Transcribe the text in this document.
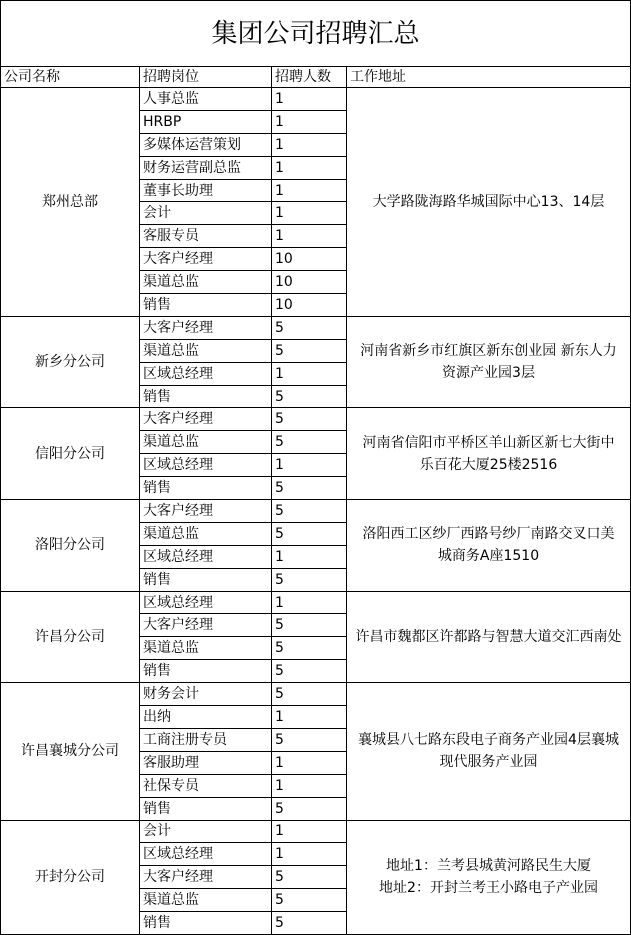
集团公司招聘汇总			
公司名称	招聘岗位	招聘人数	工作地址
郑州总部	人事总监	1	大学路陇海路华城国际中心13、14层

	HRBP	1	
	多媒体运营策划	1	
	财务运营副总监	1	
	董事长助理	1	
	会计	1	
	客服专员	1	
	大客户经理	10	
	渠道总监	10	
	销售	10	
新乡分公司	大客户经理	5	河南省新乡市红旗区新东创业园 新东人力
资源产业园3层

	渠道总监	5	
	区域总经理	1	
	销售	5	
信阳分公司	大客户经理	5	河南省信阳市平桥区羊山新区新七大街中
乐百花大厦25楼2516

	渠道总监	5	
	区域总经理	1	
	销售	5	
洛阳分公司	大客户经理	5	洛阳西工区纱厂西路号纱厂南路交叉口美
城商务A座1510

	渠道总监	5	
	区域总经理	1	
	销售	5	
许昌分公司	区域总经理	1	许昌市魏都区许都路与智慧大道交汇西南处

	大客户经理	5	
	渠道总监	5	
	销售	5	
许昌襄城分公司	财务会计	5	襄城县八七路东段电子商务产业园4层襄城
现代服务产业园

	出纳	1	
	工商注册专员	5	
	客服助理	1	
	社保专员	1	
	销售	5	
开封分公司	会计	1	地址1：兰考县城黄河路民生大厦
地址2：开封兰考王小路电子产业园

	区域总经理	1	
	大客户经理	5	
	渠道总监	5	
	销售	5	
